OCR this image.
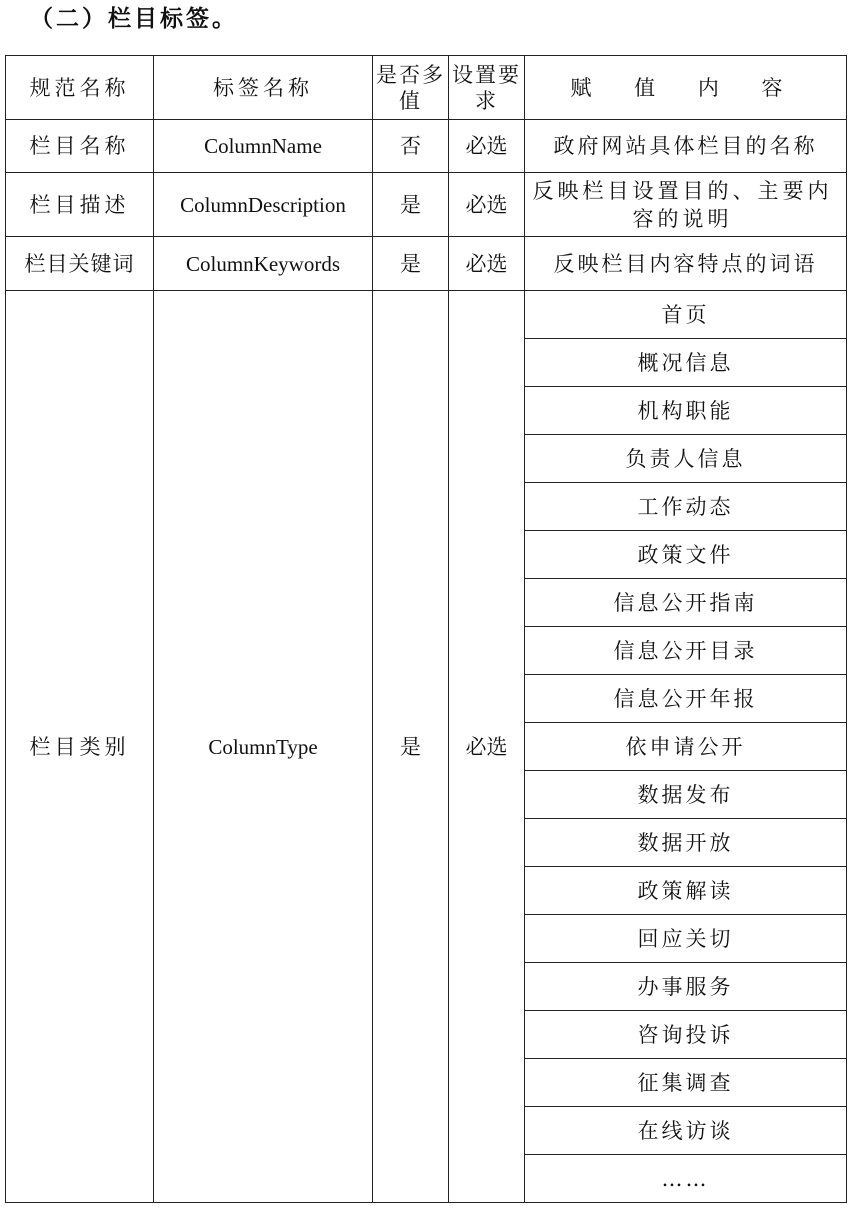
（二）栏目标签。
规范名称	标签名称	是否多值	设置要求	赋 值 内 容
栏目名称	ColumnName	否	必选	政府网站具体栏目的名称
栏目描述	ColumnDescription	是	必选	反映栏目设置目的、主要内容的说明
栏目关键词	ColumnKeywords	是	必选	反映栏目内容特点的词语
栏目类别	ColumnType	是	必选	首页
				概况信息
				机构职能
				负责人信息
				工作动态
				政策文件
				信息公开指南
				信息公开目录
				信息公开年报
				依申请公开
				数据发布
				数据开放
				政策解读
				回应关切
				办事服务
				咨询投诉
				征集调查
				在线访谈
				……
